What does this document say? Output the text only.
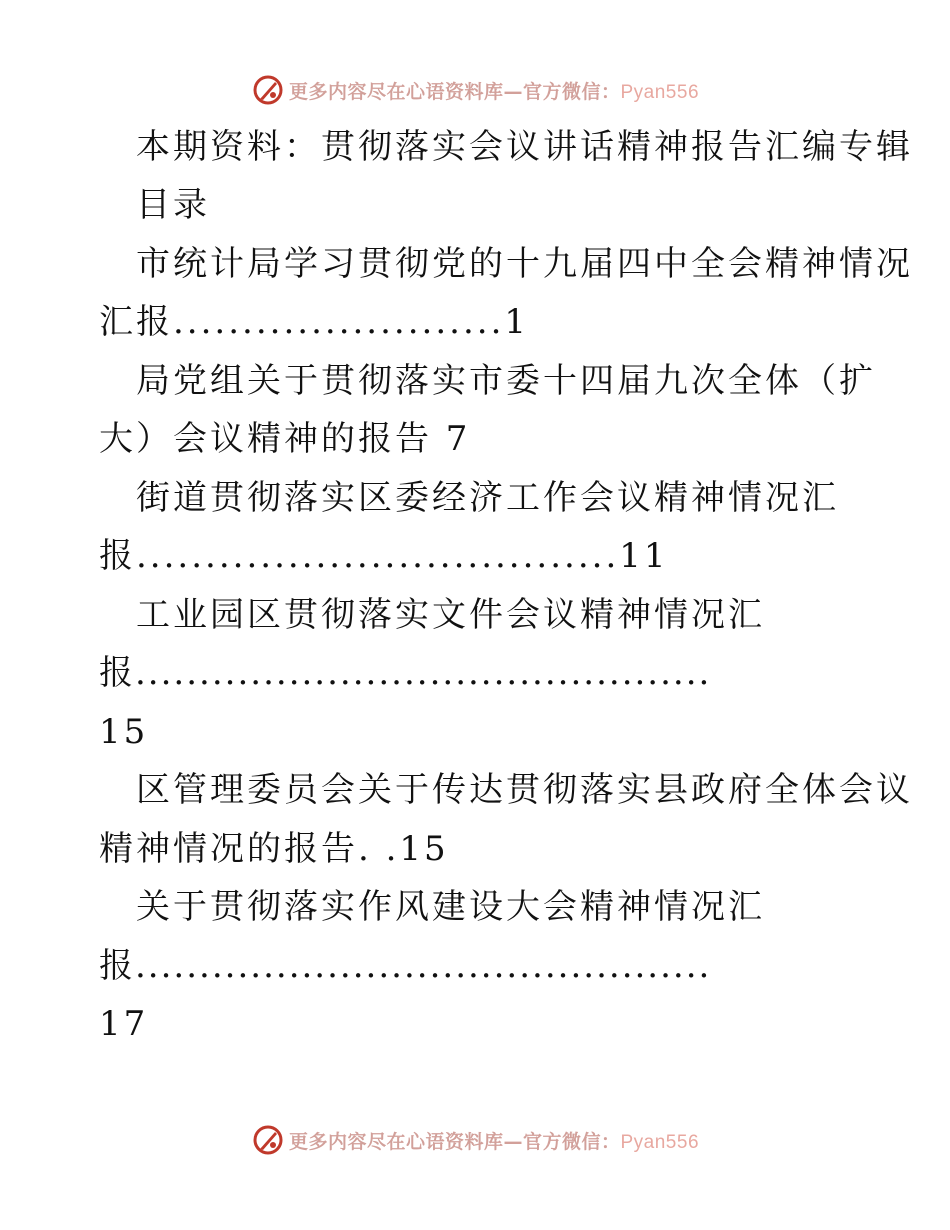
更多内容尽在心语资料库—官方微信：Pyan556
本期资料：贯彻落实会议讲话精神报告汇编专辑
目录
市统计局学习贯彻党的十九届四中全会精神情况
汇报........................1
局党组关于贯彻落实市委十四届九次全体（扩
大）会议精神的报告 7
街道贯彻落实区委经济工作会议精神情况汇
报...................................11
工业园区贯彻落实文件会议精神情况汇
报.............................................
15
区管理委员会关于传达贯彻落实县政府全体会议
精神情况的报告. .15
关于贯彻落实作风建设大会精神情况汇
报.............................................
17
更多内容尽在心语资料库—官方微信：Pyan556
